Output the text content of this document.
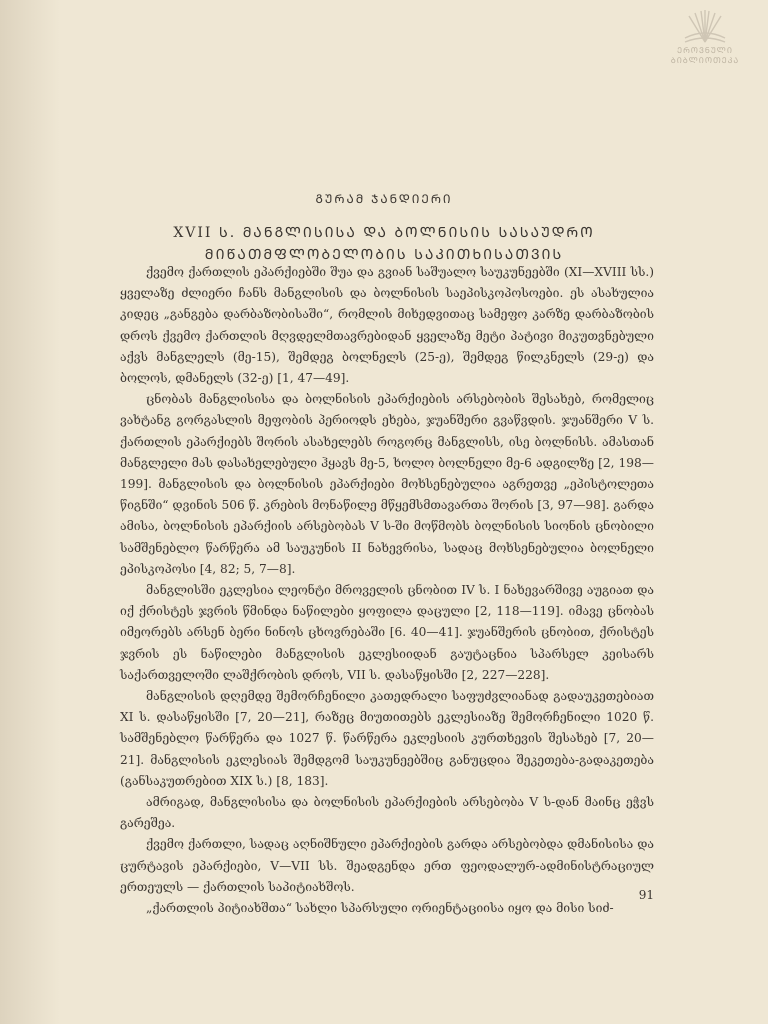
ᲔᲠᲝᲕᲜᲣᲚᲘ
ᲑᲘᲑᲚᲘᲝᲗᲔᲙᲐ
ᲒᲣᲠᲐᲛ ᲯᲐᲜᲓᲘᲔᲠᲘ
XVII Ს. ᲛᲐᲜᲒᲚᲘᲡᲘᲡᲐ ᲓᲐ ᲑᲝᲚᲜᲘᲡᲘᲡ ᲡᲐᲡᲐᲣᲓᲠᲝ
ᲛᲘᲬᲐᲗᲛᲤᲚᲝᲑᲔᲚᲝᲑᲘᲡ ᲡᲐᲙᲘᲗᲮᲘᲡᲐᲗᲕᲘᲡ

ქვემო ქართლის ეპარქიებში შუა და გვიან საშუალო საუკუნეებში (XI—XVIII სს.) ყველაზე ძლიერი ჩანს მანგლისის და ბოლნისის საეპისკოპოსოები. ეს ასახულია კიდეც „განგება დარბაზობისაში“, რომლის მიხედვითაც სამეფო კარზე დარბაზობის დროს ქვემო ქართლის მღვდელმთავრებიდან ყველაზე მეტი პატივი მიკუთვნებული აქვს მანგლელს (მე-15), შემდეგ ბოლნელს (25-ე), შემდეგ წილკნელს (29-ე) და ბოლოს, დმანელს (32-ე) [1, 47—49].

ცნობას მანგლისისა და ბოლნისის ეპარქიების არსებობის შესახებ, რომელიც ვახტანგ გორგასლის მეფობის პერიოდს ეხება, ჯუანშერი გვაწვდის. ჯუანშერი V ს. ქართლის ეპარქიებს შორის ასახელებს როგორც მანგლისს, ისე ბოლნისს. ამასთან მანგლელი მას დასახელებული ჰყავს მე-5, ხოლო ბოლნელი მე-6 ადგილზე [2, 198—199]. მანგლისის და ბოლნისის ეპარქიები მოხსენებულია აგრეთვე „ეპისტოლეთა წიგნში“ დვინის 506 წ. კრების მონაწილე მწყემსმთავართა შორის [3, 97—98]. გარდა ამისა, ბოლნისის ეპარქიის არსებობას V ს-ში მოწმობს ბოლნისის სიონის ცნობილი სამშენებლო წარწერა ამ საუკუნის II ნახევრისა, სადაც მოხსენებულია ბოლნელი ეპისკოპოსი [4, 82; 5, 7—8].

მანგლისში ეკლესია ლეონტი მროველის ცნობით IV ს. I ნახევარშივე აუგიათ და იქ ქრისტეს ჯვრის წმინდა ნაწილები ყოფილა დაცული [2, 118—119]. იმავე ცნობას იმეორებს არსენ ბერი ნინოს ცხოვრებაში [6. 40—41]. ჯუანშერის ცნობით, ქრისტეს ჯვრის ეს ნაწილები მანგლისის ეკლესიიდან გაუტაცნია სპარსელ კეისარს საქართველოში ლაშქრობის დროს, VII ს. დასაწყისში [2, 227—228].

მანგლისის დღემდე შემორჩენილი კათედრალი საფუძვლიანად გადაუკეთებიათ XI ს. დასაწყისში [7, 20—21], რაზეც მიუთითებს ეკლესიაზე შემორჩენილი 1020 წ. სამშენებლო წარწერა და 1027 წ. წარწერა ეკლესიის კურთხევის შესახებ [7, 20—21]. მანგლისის ეკლესიას შემდგომ საუკუნეებშიც განუცდია შეკეთება-გადაკეთება (განსაკუთრებით XIX ს.) [8, 183].

ამრიგად, მანგლისისა და ბოლნისის ეპარქიების არსებობა V ს-დან მაინც ეჭვს გარეშეა.

ქვემო ქართლი, სადაც აღნიშნული ეპარქიების გარდა არსებობდა დმანისისა და ცურტავის ეპარქიები, V—VII სს. შეადგენდა ერთ ფეოდალურ-ადმინისტრაციულ ერთეულს — ქართლის საპიტიახშოს.

„ქართლის პიტიახშთა“ სახლი სპარსული ორიენტაციისა იყო და მისი სიძ-

91
